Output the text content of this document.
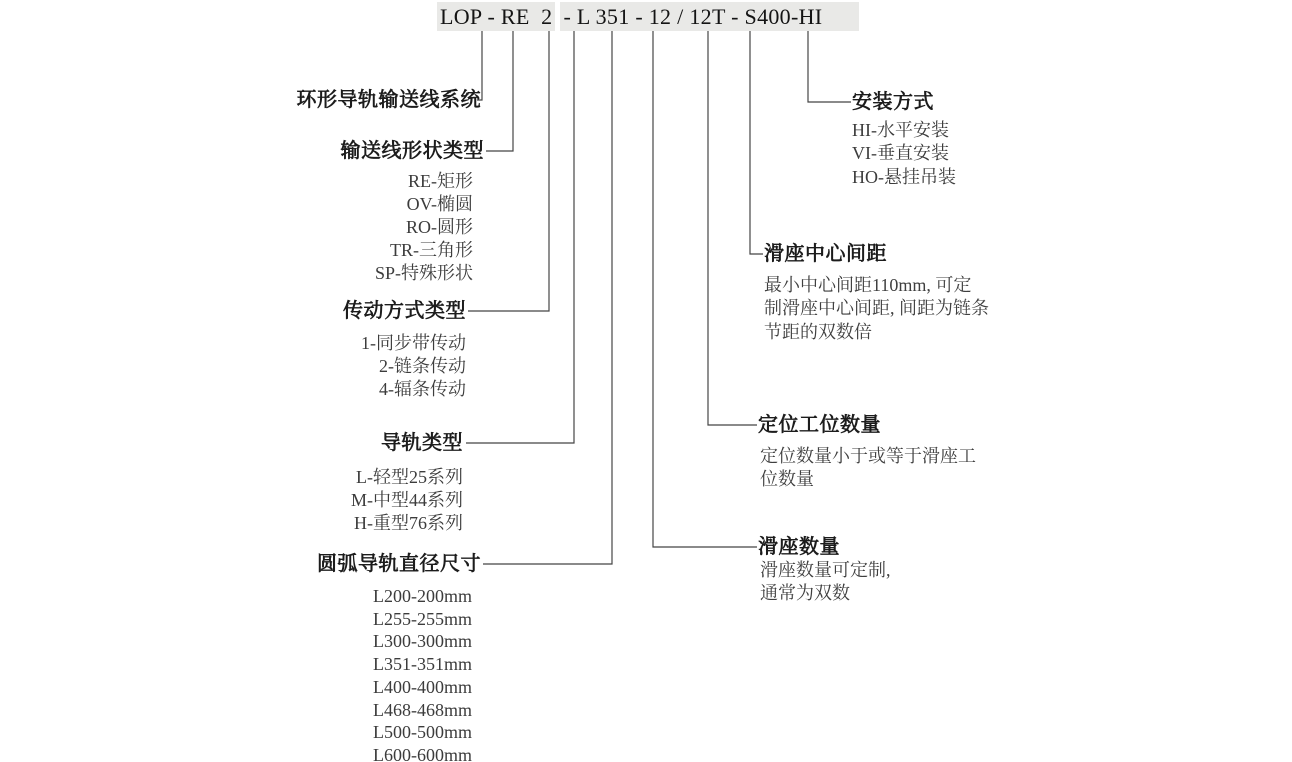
LOP - RE  2 - L 351 - 12 / 12T - S400-HI
环形导轨输送线系统
输送线形状类型
RE-矩形
OV-椭圆
RO-圆形
TR-三角形
SP-特殊形状
传动方式类型
1-同步带传动
2-链条传动
4-辐条传动
导轨类型
L-轻型25系列
M-中型44系列
H-重型76系列
圆弧导轨直径尺寸
L200-200mm
L255-255mm
L300-300mm
L351-351mm
L400-400mm
L468-468mm
L500-500mm
L600-600mm
安装方式
HI-水平安装
VI-垂直安装
HO-悬挂吊装
滑座中心间距
最小中心间距110mm, 可定
制滑座中心间距, 间距为链条
节距的双数倍
定位工位数量
定位数量小于或等于滑座工
位数量
滑座数量
滑座数量可定制,
通常为双数
